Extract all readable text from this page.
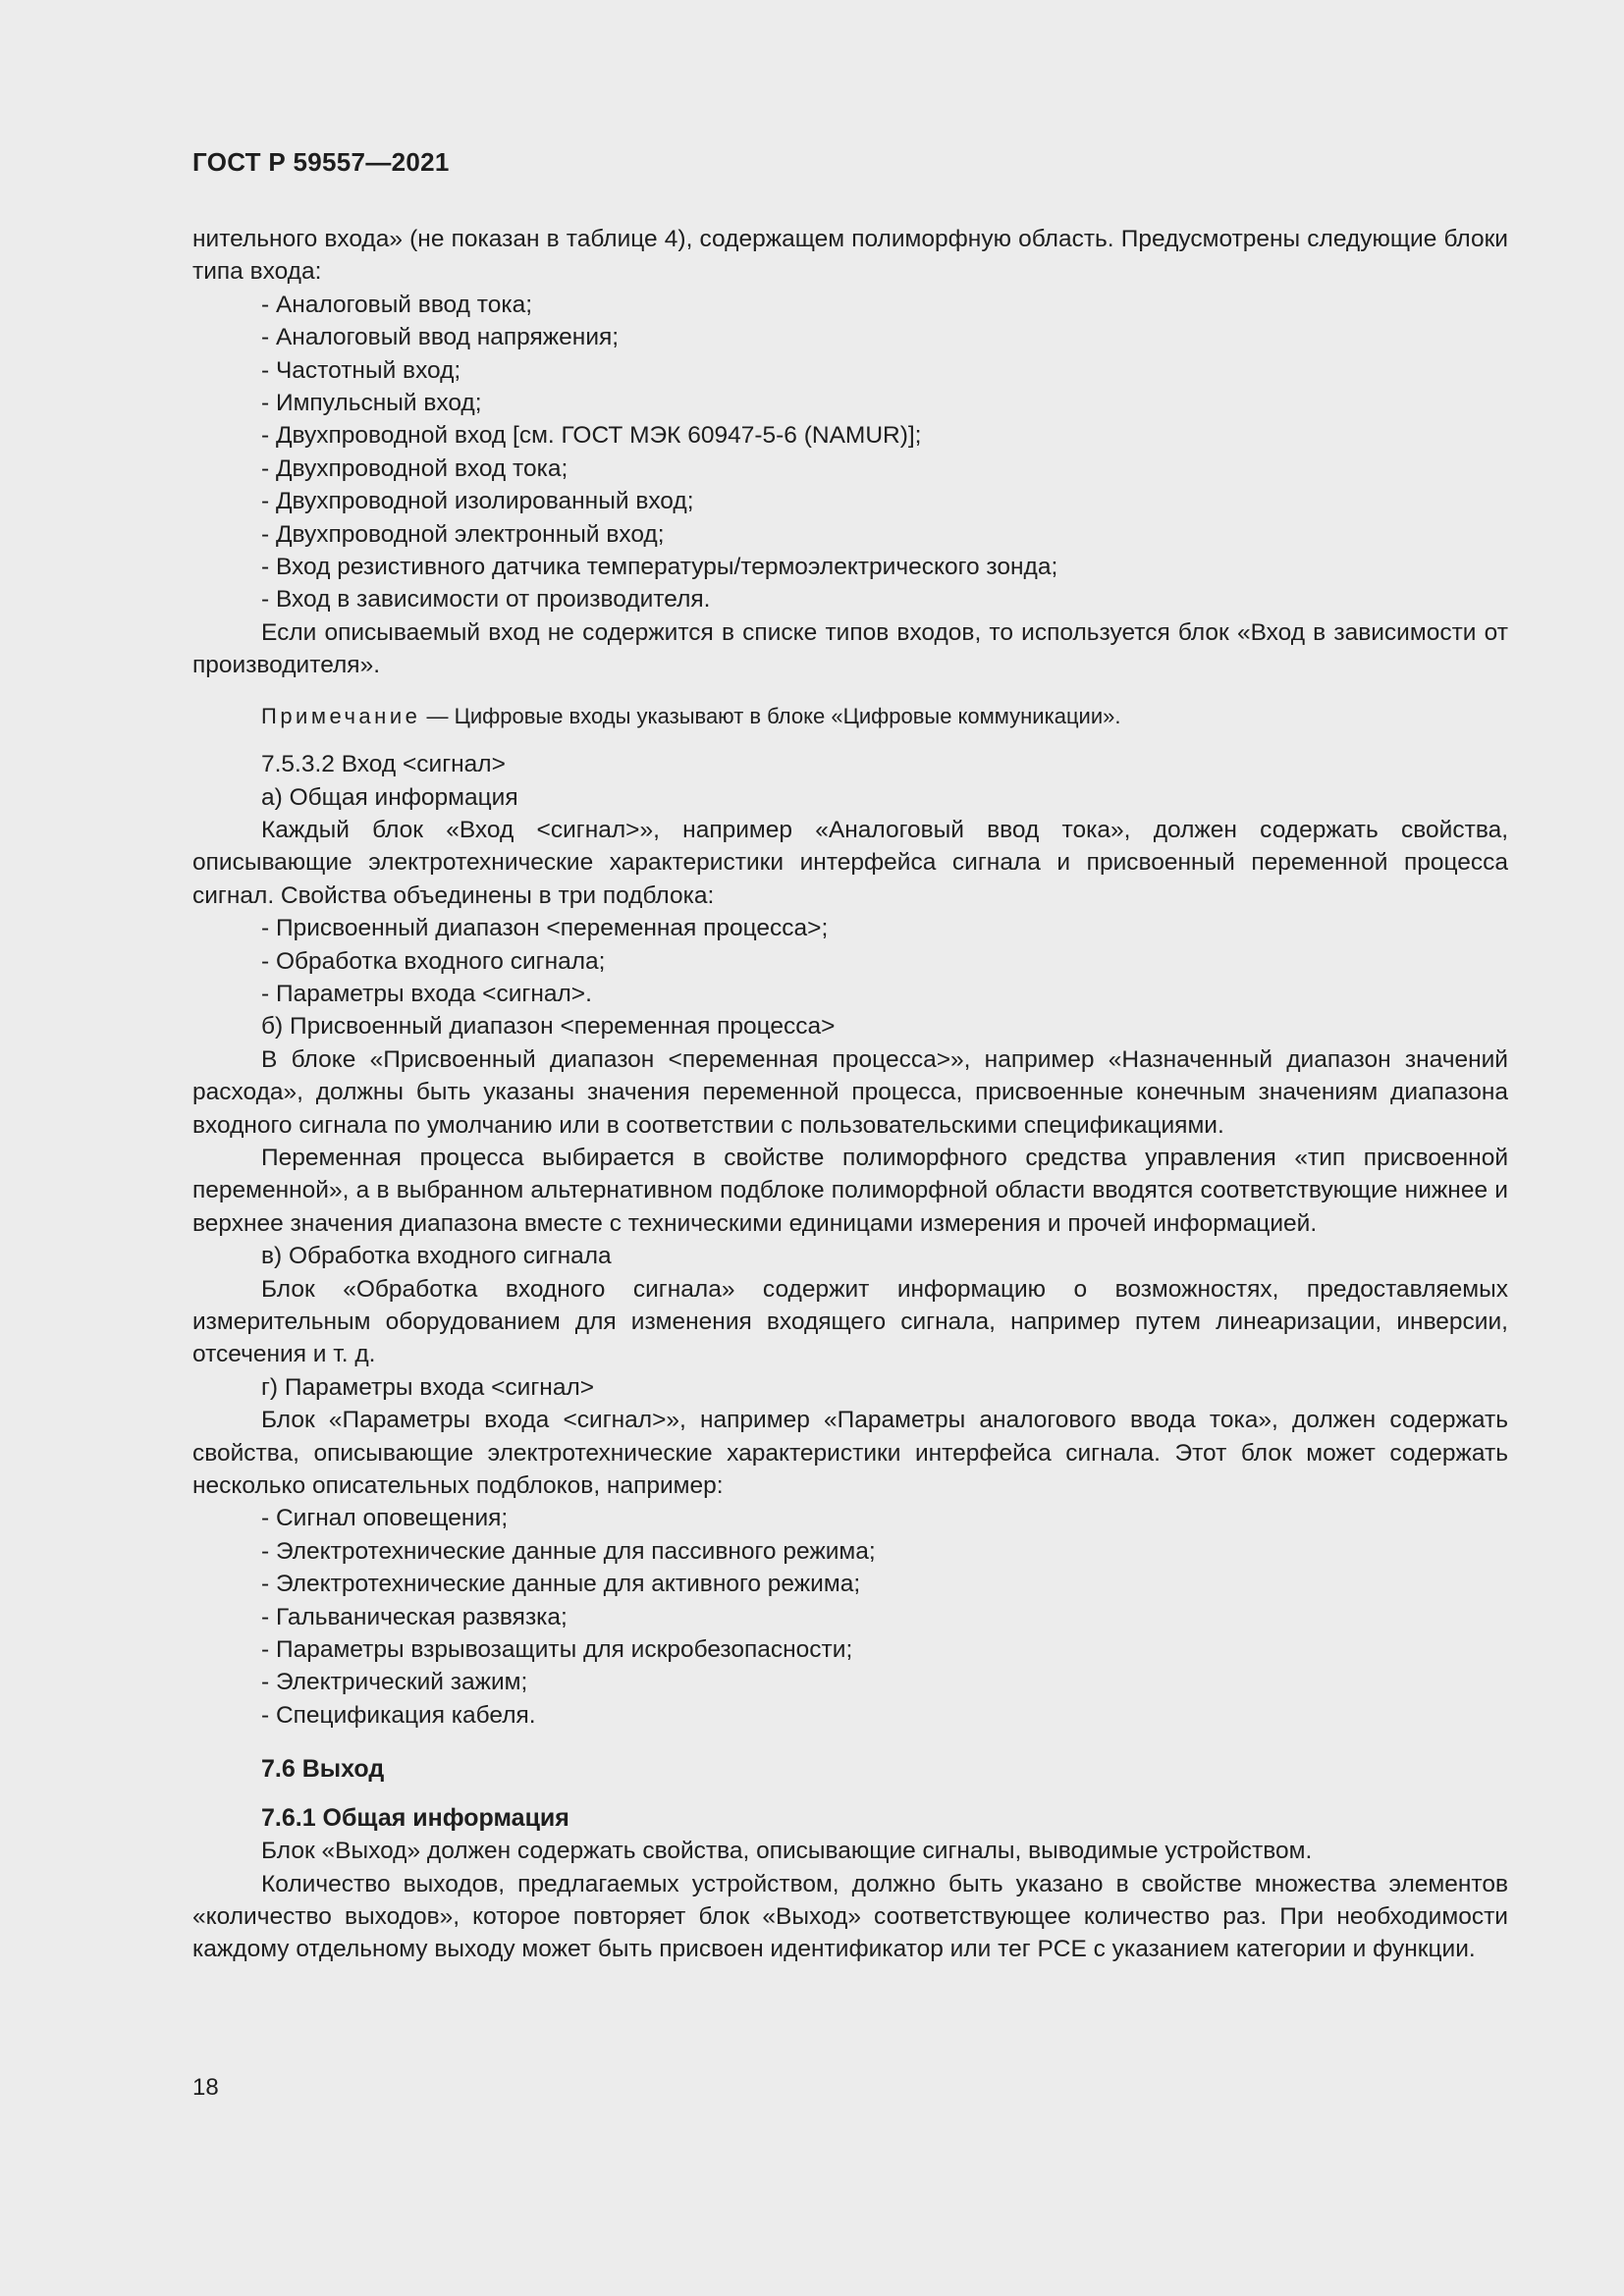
ГОСТ Р 59557—2021

нительного входа» (не показан в таблице 4), содержащем полиморфную область. Предусмотрены следующие блоки типа входа:

- Аналоговый ввод тока;

- Аналоговый ввод напряжения;

- Частотный вход;

- Импульсный вход;

- Двухпроводной вход [см. ГОСТ МЭК 60947-5-6 (NAMUR)];

- Двухпроводной вход тока;

- Двухпроводной изолированный вход;

- Двухпроводной электронный вход;

- Вход резистивного датчика температуры/термоэлектрического зонда;

- Вход в зависимости от производителя.

Если описываемый вход не содержится в списке типов входов, то используется блок «Вход в зависимости от производителя».

Примечание — Цифровые входы указывают в блоке «Цифровые коммуникации».

7.5.3.2 Вход <сигнал>

а) Общая информация

Каждый блок «Вход <сигнал>», например «Аналоговый ввод тока», должен содержать свойства, описывающие электротехнические характеристики интерфейса сигнала и присвоенный переменной процесса сигнал. Свойства объединены в три подблока:

- Присвоенный диапазон <переменная процесса>;

- Обработка входного сигнала;

- Параметры входа <сигнал>.

б) Присвоенный диапазон <переменная процесса>

В блоке «Присвоенный диапазон <переменная процесса>», например «Назначенный диапазон значений расхода», должны быть указаны значения переменной процесса, присвоенные конечным значениям диапазона входного сигнала по умолчанию или в соответствии с пользовательскими спецификациями.

Переменная процесса выбирается в свойстве полиморфного средства управления «тип присвоенной переменной», а в выбранном альтернативном подблоке полиморфной области вводятся соответствующие нижнее и верхнее значения диапазона вместе с техническими единицами измерения и прочей информацией.

в) Обработка входного сигнала

Блок «Обработка входного сигнала» содержит информацию о возможностях, предоставляемых измерительным оборудованием для изменения входящего сигнала, например путем линеаризации, инверсии, отсечения и т. д.

г) Параметры входа <сигнал>

Блок «Параметры входа <сигнал>», например «Параметры аналогового ввода тока», должен содержать свойства, описывающие электротехнические характеристики интерфейса сигнала. Этот блок может содержать несколько описательных подблоков, например:

- Сигнал оповещения;

- Электротехнические данные для пассивного режима;

- Электротехнические данные для активного режима;

- Гальваническая развязка;

- Параметры взрывозащиты для искробезопасности;

- Электрический зажим;

- Спецификация кабеля.

7.6 Выход

7.6.1 Общая информация

Блок «Выход» должен содержать свойства, описывающие сигналы, выводимые устройством.

Количество выходов, предлагаемых устройством, должно быть указано в свойстве множества элементов «количество выходов», которое повторяет блок «Выход» соответствующее количество раз. При необходимости каждому отдельному выходу может быть присвоен идентификатор или тег PCE с указанием категории и функции.

18
